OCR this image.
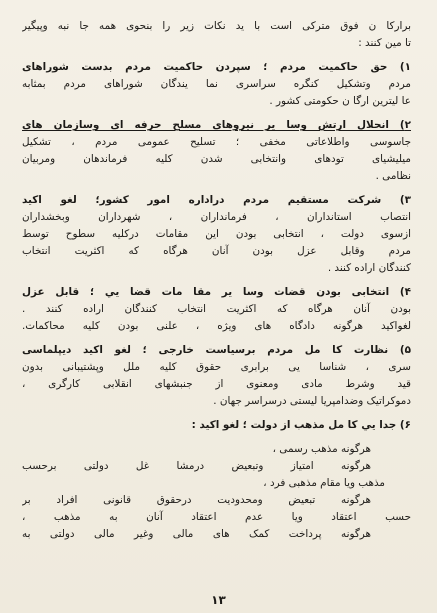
براركا ن فوق مترکی است با يد نکات زير را بنحوی همه جا نبه وپيگير
تا مين كنند :
۱) حق حاكميت مردم ؛ سپردن حاكميت مردم بدست شوراهای
مردم وتشکيل کنگره سراسری نما يندگان شوراهای مردم بمثابه
عا ليترين ارگا ن حکومتی کشور .
۲) انحلال ارتش وسا ير نيروهای مسلح حرفه ای وسازمان های
جاسوسی واطلاعاتی مخفی ؛ تسليح عمومی مردم ، تشکيل
ميليشيای تودهای وانتخابی شدن کليه فرماندهان ومربيان
نظامی .
۳) شرکت مستقيم مردم دراداره امور کشور؛ لغو اكيد
انتصاب استانداران ، فرمانداران ، شهرداران وبخشداران
ازسوی دولت ، انتخابی بودن اين مقامات درکليه سطوح توسط
مردم وقابل عزل بودن آنان هرگاه که اکثريت انتخاب
کنندگان اراده کنند .
۴) انتخابی بودن قضات وسا ير مقا مات قضا يي ؛ قابل عزل
بودن آنان هرگاه که اکثريت انتخاب کنندگان اراده کنند .
لغواکيد هرگونه دادگاه های ويژه ، علنی بودن کليه محاکمات.
۵) نظارت کا مل مردم برسياست خارجی ؛ لغو اکيد ديپلماسی
سری ، شناسا يی برابری حقوق کليه ملل وپشتيبانی بدون
قيد وشرط مادی ومعنوی از جنبشهای انقلابی کارگری ،
دموکراتيک وضدامپريا ليستی درسراسر جهان .
۶) جدا يي كا مل مذهب از دولت ؛ لغو اکيد :
هرگونه مذهب رسمی ،
هرگونه امتياز وتبعيض درمشا غل دولتی برحسب
مذهب ويا مقام مذهبی فرد ،
هرگونه تبعيض ومحدوديت درحقوق قانونی افراد بر
حسب اعتقاد ويا عدم اعتقاد آنان به مذهب ،
هرگونه پرداخت کمک های مالی وغير مالی دولتی به
۱۳
